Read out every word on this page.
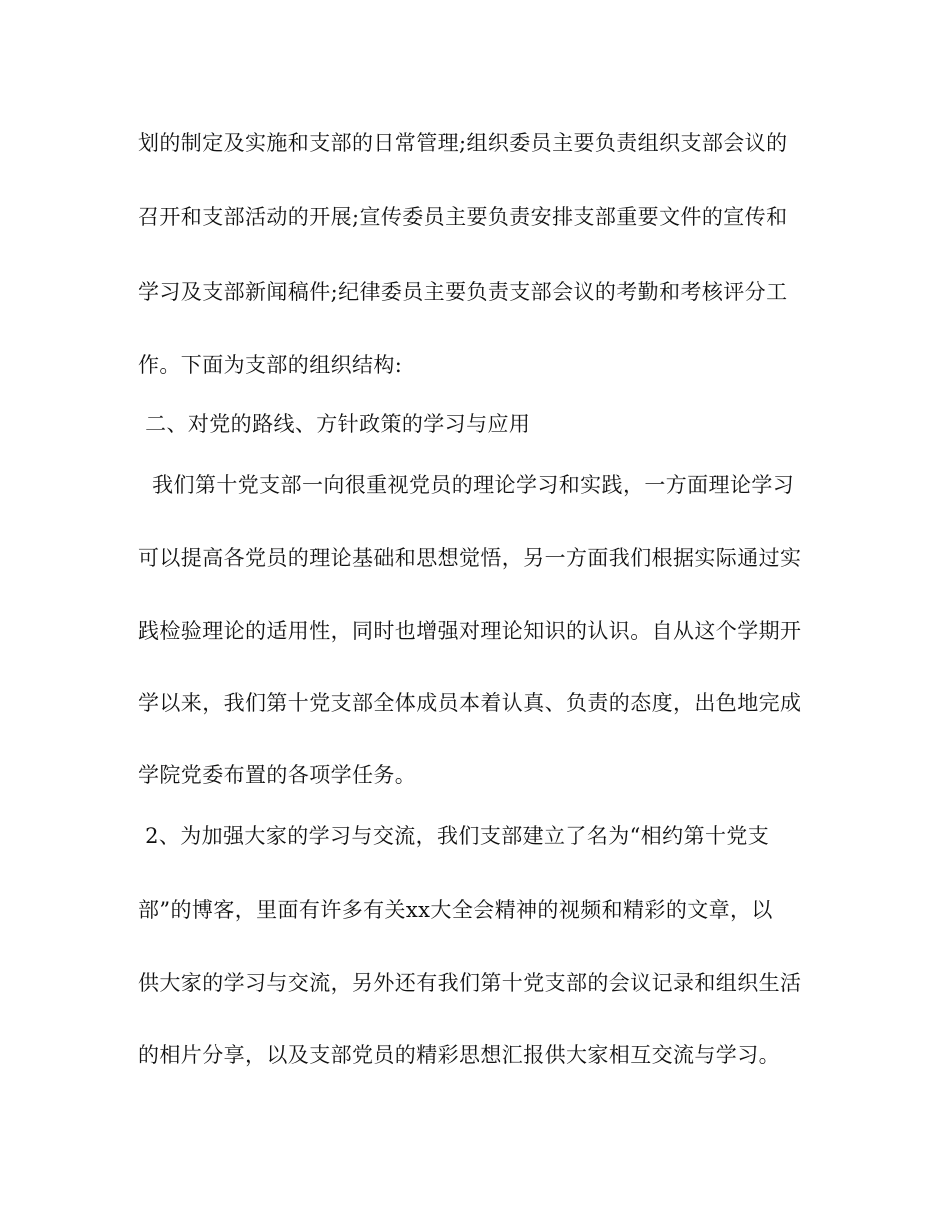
划的制定及实施和支部的日常管理;组织委员主要负责组织支部会议的
召开和支部活动的开展;宣传委员主要负责安排支部重要文件的宣传和
学习及支部新闻稿件;纪律委员主要负责支部会议的考勤和考核评分工
作。下面为支部的组织结构:
二、对党的路线、方针政策的学习与应用
我们第十党支部一向很重视党员的理论学习和实践，一方面理论学习
可以提高各党员的理论基础和思想觉悟，另一方面我们根据实际通过实
践检验理论的适用性，同时也增强对理论知识的认识。自从这个学期开
学以来，我们第十党支部全体成员本着认真、负责的态度，出色地完成
学院党委布置的各项学任务。
2、为加强大家的学习与交流，我们支部建立了名为“相约第十党支
部”的博客，里面有许多有关xx大全会精神的视频和精彩的文章，以
供大家的学习与交流，另外还有我们第十党支部的会议记录和组织生活
的相片分享，以及支部党员的精彩思想汇报供大家相互交流与学习。
